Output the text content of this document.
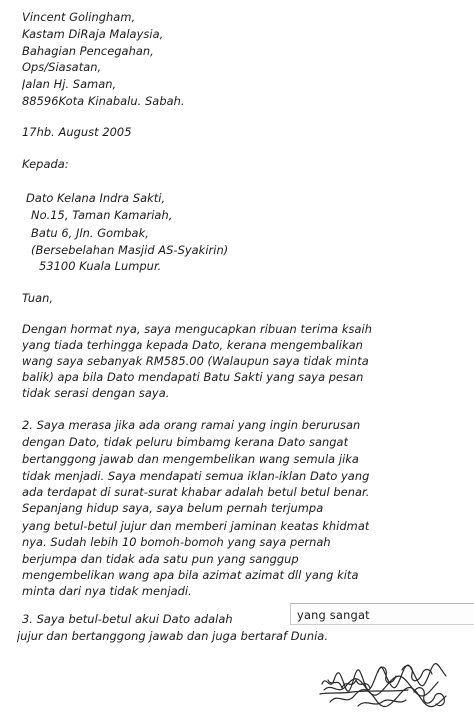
Vincent Golingham,
Kastam DiRaja Malaysia,
Bahagian Pencegahan,
Ops/Siasatan,
Jalan Hj. Saman,
88596Kota Kinabalu. Sabah.
17hb. August 2005
Kepada:
Dato Kelana Indra Sakti,
No.15, Taman Kamariah,
Batu 6, Jln. Gombak,
(Bersebelahan Masjid AS-Syakirin)
53100 Kuala Lumpur.
Tuan,
Dengan hormat nya, saya mengucapkan ribuan terima ksaih
yang tiada terhingga kepada Dato, kerana mengembalikan
wang saya sebanyak RM585.00 (Walaupun saya tidak minta
balik) apa bila Dato mendapati Batu Sakti yang saya pesan
tidak serasi dengan saya.
2. Saya merasa jika ada orang ramai yang ingin berurusan
dengan Dato, tidak peluru bimbamg kerana Dato sangat
bertanggong jawab dan mengembelikan wang semula jika
tidak menjadi. Saya mendapati semua iklan-iklan Dato yang
ada terdapat di surat-surat khabar adalah betul betul benar.
Sepanjang hidup saya, saya belum pernah terjumpa
yang betul-betul jujur dan memberi jaminan keatas khidmat
nya. Sudah lebih 10 bomoh-bomoh yang saya pernah
berjumpa dan tidak ada satu pun yang sanggup
mengembelikan wang apa bila azimat azimat dll yang kita
minta dari nya tidak menjadi.
3. Saya betul-betul akui Dato adalah	yang sangat
jujur dan bertanggong jawab dan juga bertaraf Dunia.
